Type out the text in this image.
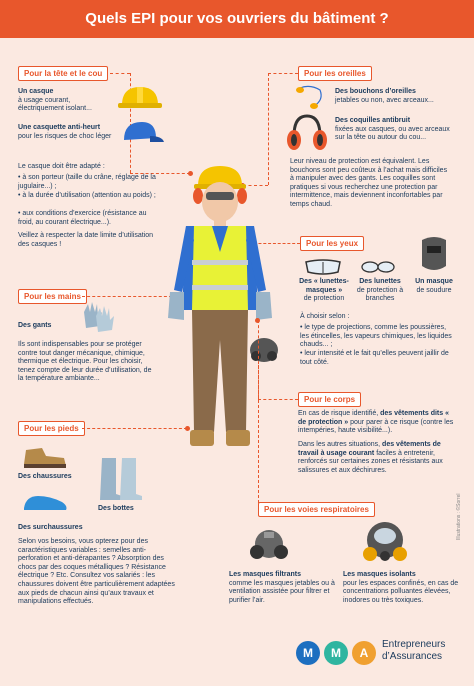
Quels EPI pour vos ouvriers du bâtiment ?
Pour la tête et le cou
Un casque
à usage courant, électriquement isolant...
Une casquette anti-heurt
pour les risques de choc léger
Le casque doit être adapté :
• à son porteur (taille du crâne, réglage de la jugulaire...) ;
• à la durée d’utilisation (attention au poids) ;
• aux conditions d’exercice (résistance au froid, au courant électrique...).
Veillez à respecter la date limite d’utilisation des casques !
Pour les oreilles
Des bouchons d’oreilles
jetables ou non, avec arceaux...
Des coquilles antibruit
fixées aux casques, ou avec arceaux sur la tête ou autour du cou...
Leur niveau de protection est équivalent. Les bouchons sont peu coûteux à l’achat mais difficiles à manipuler avec des gants. Les coquilles sont pratiques si vous recherchez une protection par intermittence, mais deviennent inconfortables par temps chaud.
Pour les yeux
Des « lunettes-masques »
de protection
Des lunettes
de protection à branches
Un masque
de soudure
À choisir selon :
• le type de projections, comme les poussières, les étincelles, les vapeurs chimiques, les liquides chauds... ;
• leur intensité et le fait qu’elles peuvent jaillir de tout côté.
Pour les mains
Des gants
Ils sont indispensables pour se protéger contre tout danger mécanique, chimique, thermique et électrique. Pour les choisir, tenez compte de leur durée d’utilisation, de la température ambiante...
Pour le corps
En cas de risque identifié, des vêtements dits « de protection » pour parer à ce risque (contre les intempéries, haute visibilité...).
Dans les autres situations, des vêtements de travail à usage courant faciles à entretenir, renforcés sur certaines zones et résistants aux salissures et aux déchirures.
Pour les pieds
Des chaussures
Des bottes
Des surchaussures
Selon vos besoins, vous opterez pour des caractéristiques variables : semelles anti-perforation et anti-dérapantes ? Absorption des chocs par des coques métalliques ? Résistance électrique ? Etc. Consultez vos salariés : les chaussures doivent être particulièrement adaptées aux pieds de chacun ainsi qu’aux travaux et manipulations effectués.
Pour les voies respiratoires
Les masques filtrants
comme les masques jetables ou à ventilation assistée pour filtrer et purifier l’air.
Les masques isolants
pour les espaces confinés, en cas de concentrations polluantes élevées, inodores ou très toxiques.
Illustrations : ©Sorrel
M M A
Entrepreneurs
d’Assurances
